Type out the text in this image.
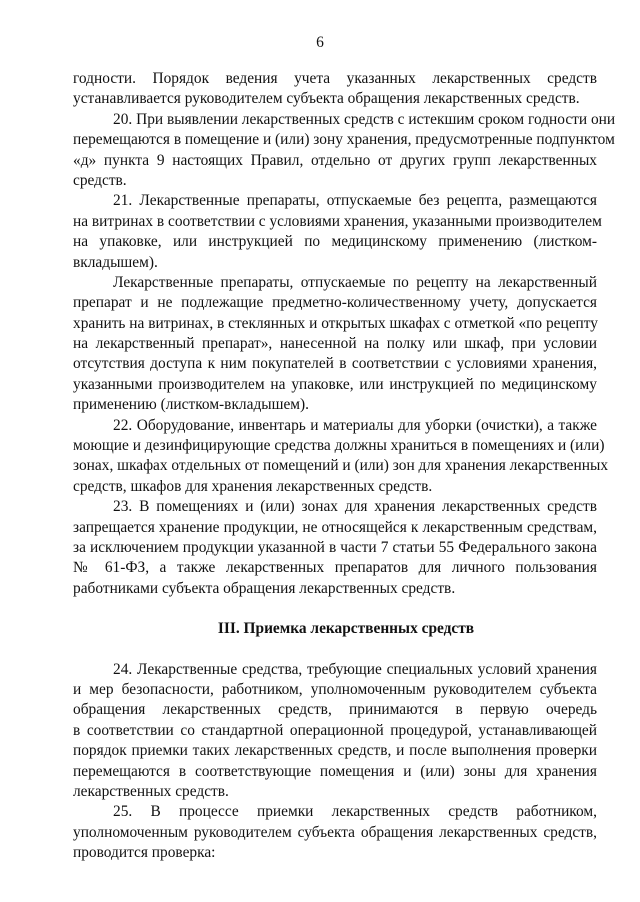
6
годности. Порядок ведения учета указанных лекарственных средств
устанавливается руководителем субъекта обращения лекарственных средств.
20. При выявлении лекарственных средств с истекшим сроком годности они
перемещаются в помещение и (или) зону хранения, предусмотренные подпунктом
«д» пункта 9 настоящих Правил, отдельно от других групп лекарственных
средств.
21. Лекарственные препараты, отпускаемые без рецепта, размещаются
на витринах в соответствии с условиями хранения, указанными производителем
на упаковке, или инструкцией по медицинскому применению (листком-
вкладышем).
Лекарственные препараты, отпускаемые по рецепту на лекарственный
препарат и не подлежащие предметно-количественному учету, допускается
хранить на витринах, в стеклянных и открытых шкафах с отметкой «по рецепту
на лекарственный препарат», нанесенной на полку или шкаф, при условии
отсутствия доступа к ним покупателей в соответствии с условиями хранения,
указанными производителем на упаковке, или инструкцией по медицинскому
применению (листком-вкладышем).
22. Оборудование, инвентарь и материалы для уборки (очистки), а также
моющие и дезинфицирующие средства должны храниться в помещениях и (или)
зонах, шкафах отдельных от помещений и (или) зон для хранения лекарственных
средств, шкафов для хранения лекарственных средств.
23. В помещениях и (или) зонах для хранения лекарственных средств
запрещается хранение продукции, не относящейся к лекарственным средствам,
за исключением продукции указанной в части 7 статьи 55 Федерального закона
№ 61-ФЗ, а также лекарственных препаратов для личного пользования
работниками субъекта обращения лекарственных средств.
III. Приемка лекарственных средств
24. Лекарственные средства, требующие специальных условий хранения
и мер безопасности, работником, уполномоченным руководителем субъекта
обращения лекарственных средств, принимаются в первую очередь
в соответствии со стандартной операционной процедурой, устанавливающей
порядок приемки таких лекарственных средств, и после выполнения проверки
перемещаются в соответствующие помещения и (или) зоны для хранения
лекарственных средств.
25. В процессе приемки лекарственных средств работником,
уполномоченным руководителем субъекта обращения лекарственных средств,
проводится проверка:
